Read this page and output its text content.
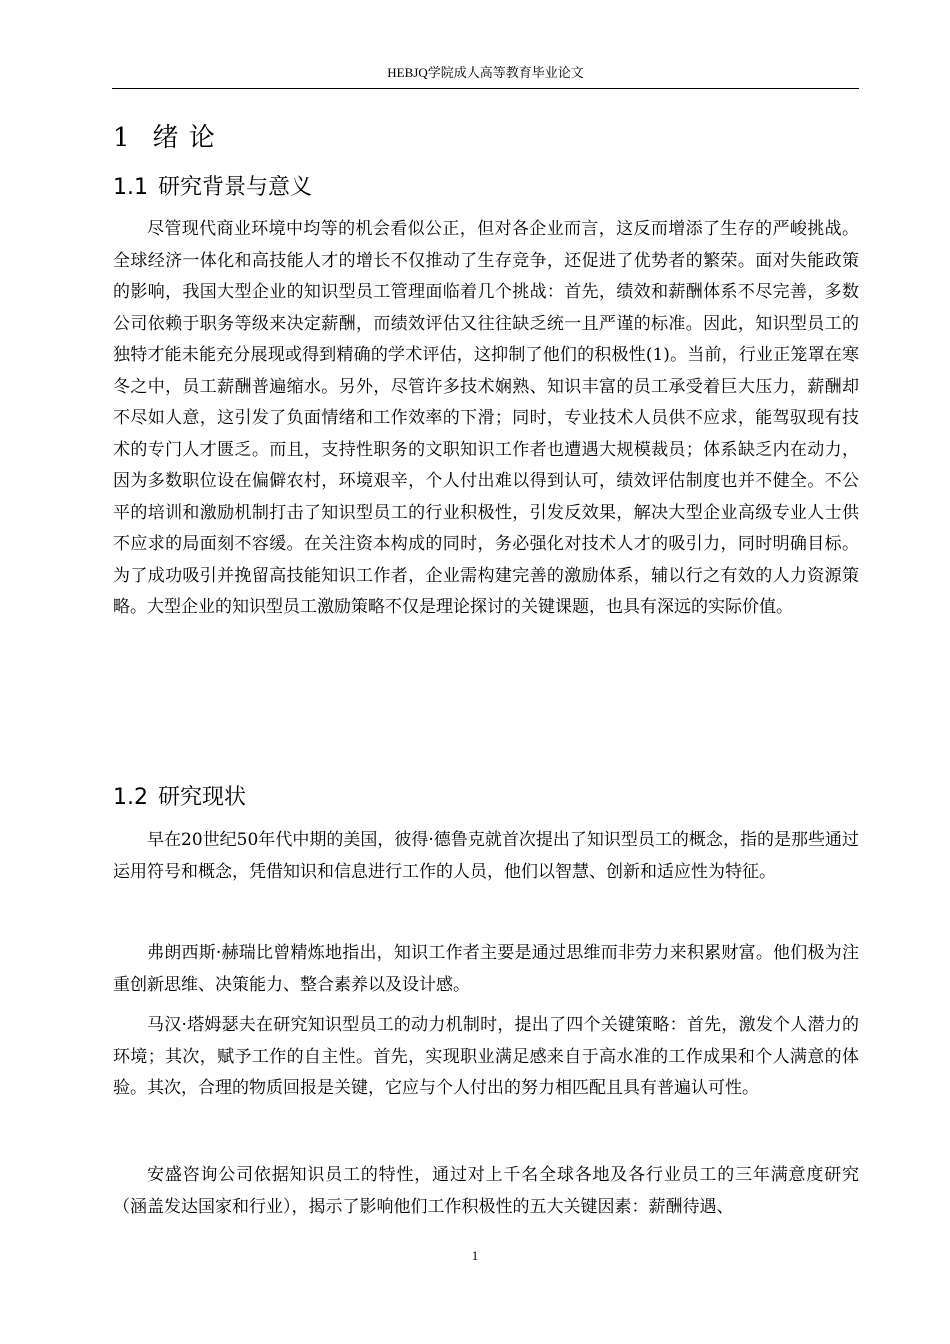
HEBJQ学院成人高等教育毕业论文
1 绪 论
1.1 研究背景与意义

尽管现代商业环境中均等的机会看似公正，但对各企业而言，这反而增添了生存的严峻挑战。全球经济一体化和高技能人才的增长不仅推动了生存竞争，还促进了优势者的繁荣。面对失能政策的影响，我国大型企业的知识型员工管理面临着几个挑战：首先，绩效和薪酬体系不尽完善，多数公司依赖于职务等级来决定薪酬，而绩效评估又往往缺乏统一且严谨的标准。因此，知识型员工的独特才能未能充分展现或得到精确的学术评估，这抑制了他们的积极性(1)。当前，行业正笼罩在寒冬之中，员工薪酬普遍缩水。另外，尽管许多技术娴熟、知识丰富的员工承受着巨大压力，薪酬却不尽如人意，这引发了负面情绪和工作效率的下滑；同时，专业技术人员供不应求，能驾驭现有技术的专门人才匮乏。而且，支持性职务的文职知识工作者也遭遇大规模裁员；体系缺乏内在动力，因为多数职位设在偏僻农村，环境艰辛，个人付出难以得到认可，绩效评估制度也并不健全。不公平的培训和激励机制打击了知识型员工的行业积极性，引发反效果，解决大型企业高级专业人士供不应求的局面刻不容缓。在关注资本构成的同时，务必强化对技术人才的吸引力，同时明确目标。为了成功吸引并挽留高技能知识工作者，企业需构建完善的激励体系，辅以行之有效的人力资源策略。大型企业的知识型员工激励策略不仅是理论探讨的关键课题，也具有深远的实际价值。

1.2 研究现状

早在20世纪50年代中期的美国，彼得·德鲁克就首次提出了知识型员工的概念，指的是那些通过运用符号和概念，凭借知识和信息进行工作的人员，他们以智慧、创新和适应性为特征。

弗朗西斯·赫瑞比曾精炼地指出，知识工作者主要是通过思维而非劳力来积累财富。他们极为注重创新思维、决策能力、整合素养以及设计感。

马汉·塔姆瑟夫在研究知识型员工的动力机制时，提出了四个关键策略：首先，激发个人潜力的环境；其次，赋予工作的自主性。首先，实现职业满足感来自于高水准的工作成果和个人满意的体验。其次，合理的物质回报是关键，它应与个人付出的努力相匹配且具有普遍认可性。

安盛咨询公司依据知识员工的特性，通过对上千名全球各地及各行业员工的三年满意度研究（涵盖发达国家和行业），揭示了影响他们工作积极性的五大关键因素：薪酬待遇、

1
